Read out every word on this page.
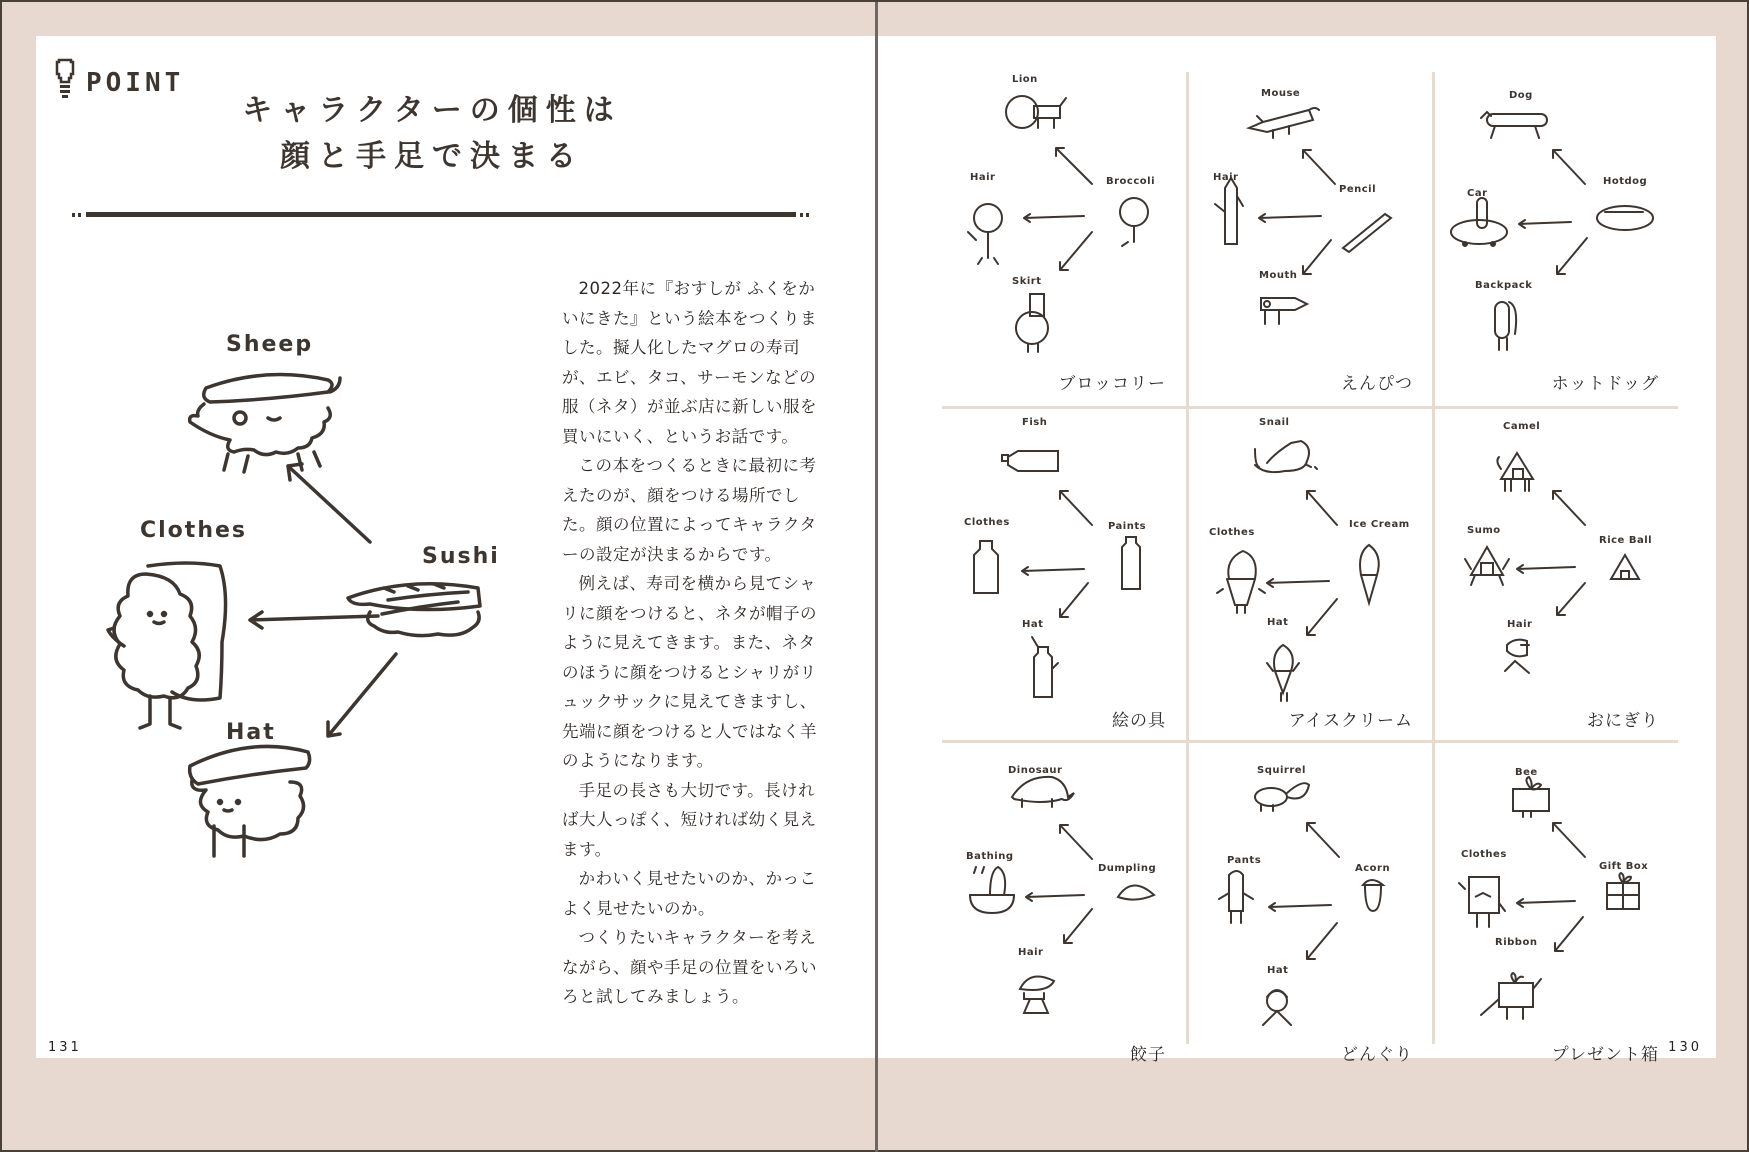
POINT
キャラクターの個性は
顔と手足で決まる
Sheep
Clothes
Sushi
Hat

2022年に『おすしが ふくをかいにきた』という絵本をつくりました。擬人化したマグロの寿司が、エビ、タコ、サーモンなどの服（ネタ）が並ぶ店に新しい服を買いにいく、というお話です。

この本をつくるときに最初に考えたのが、顔をつける場所でした。顔の位置によってキャラクターの設定が決まるからです。

例えば、寿司を横から見てシャリに顔をつけると、ネタが帽子のように見えてきます。また、ネタのほうに顔をつけるとシャリがリュックサックに見えてきますし、先端に顔をつけると人ではなく羊のようになります。

手足の長さも大切です。長ければ大人っぽく、短ければ幼く見えます。

かわいく見せたいのか、かっこよく見せたいのか。

つくりたいキャラクターを考えながら、顔や手足の位置をいろいろと試してみましょう。

131
Lion
Hair	Broccoli
Skirt
ブロッコリー
Mouse
Hair
Pencil
Mouth
えんぴつ
Dog
Car
Hotdog
Backpack
ホットドッグ
Fish
Clothes	Paints
Hat
絵の具
Snail
Clothes
Ice Cream
Hat
アイスクリーム
Camel
Sumo
Rice Ball
Hair
おにぎり
Dinosaur
Bathing
Dumpling
Hair
餃子
Squirrel
Pants
Acorn
Hat
どんぐり
Bee
Clothes
Gift Box
Ribbon
プレゼント箱 130
